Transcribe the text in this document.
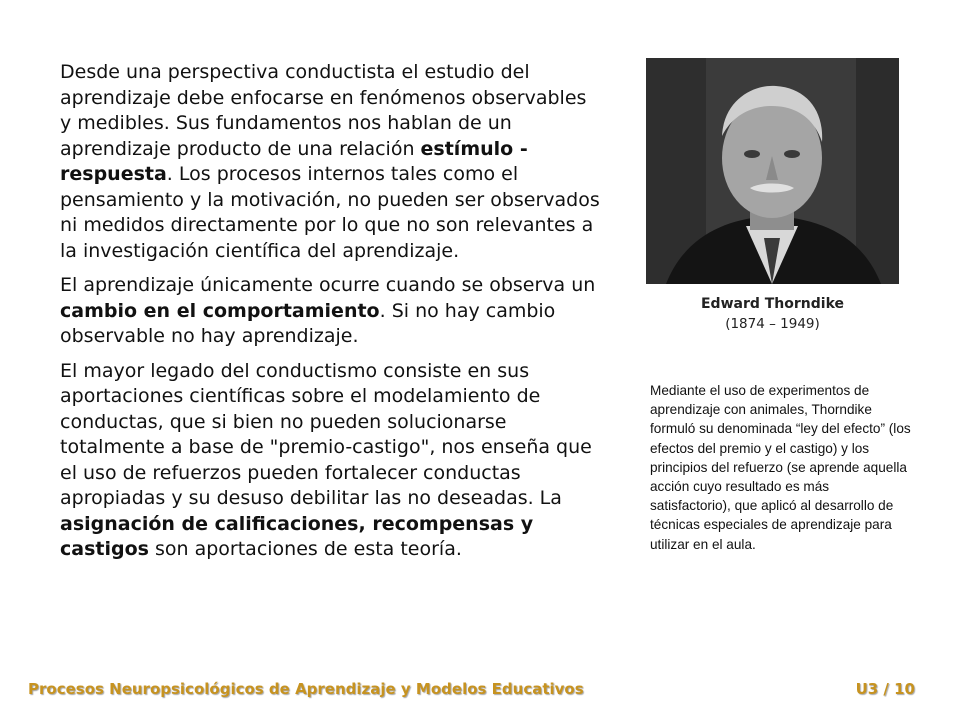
Desde una perspectiva conductista el estudio del aprendizaje debe enfocarse en fenómenos observables y medibles. Sus fundamentos nos hablan de un aprendizaje producto de una relación estímulo - respuesta. Los procesos internos tales como el pensamiento y la motivación, no pueden ser observados ni medidos directamente por lo que no son relevantes a la investigación científica del aprendizaje.

El aprendizaje únicamente ocurre cuando se observa un cambio en el comportamiento. Si no hay cambio observable no hay aprendizaje.

El mayor legado del conductismo consiste en sus aportaciones científicas sobre el modelamiento de conductas, que si bien no pueden solucionarse totalmente a base de "premio-castigo", nos enseña que el uso de refuerzos pueden fortalecer conductas apropiadas y su desuso debilitar las no deseadas. La asignación de calificaciones, recompensas y castigos son aportaciones de esta teoría.

Edward Thorndike
(1874 – 1949)
Mediante el uso de experimentos de aprendizaje con animales, Thorndike formuló su denominada “ley del efecto” (los efectos del premio y el castigo) y los principios del refuerzo (se aprende aquella acción cuyo resultado es más satisfactorio), que aplicó al desarrollo de técnicas especiales de aprendizaje para utilizar en el aula.
Procesos Neuropsicológicos de Aprendizaje y Modelos Educativos	U3 / 10
